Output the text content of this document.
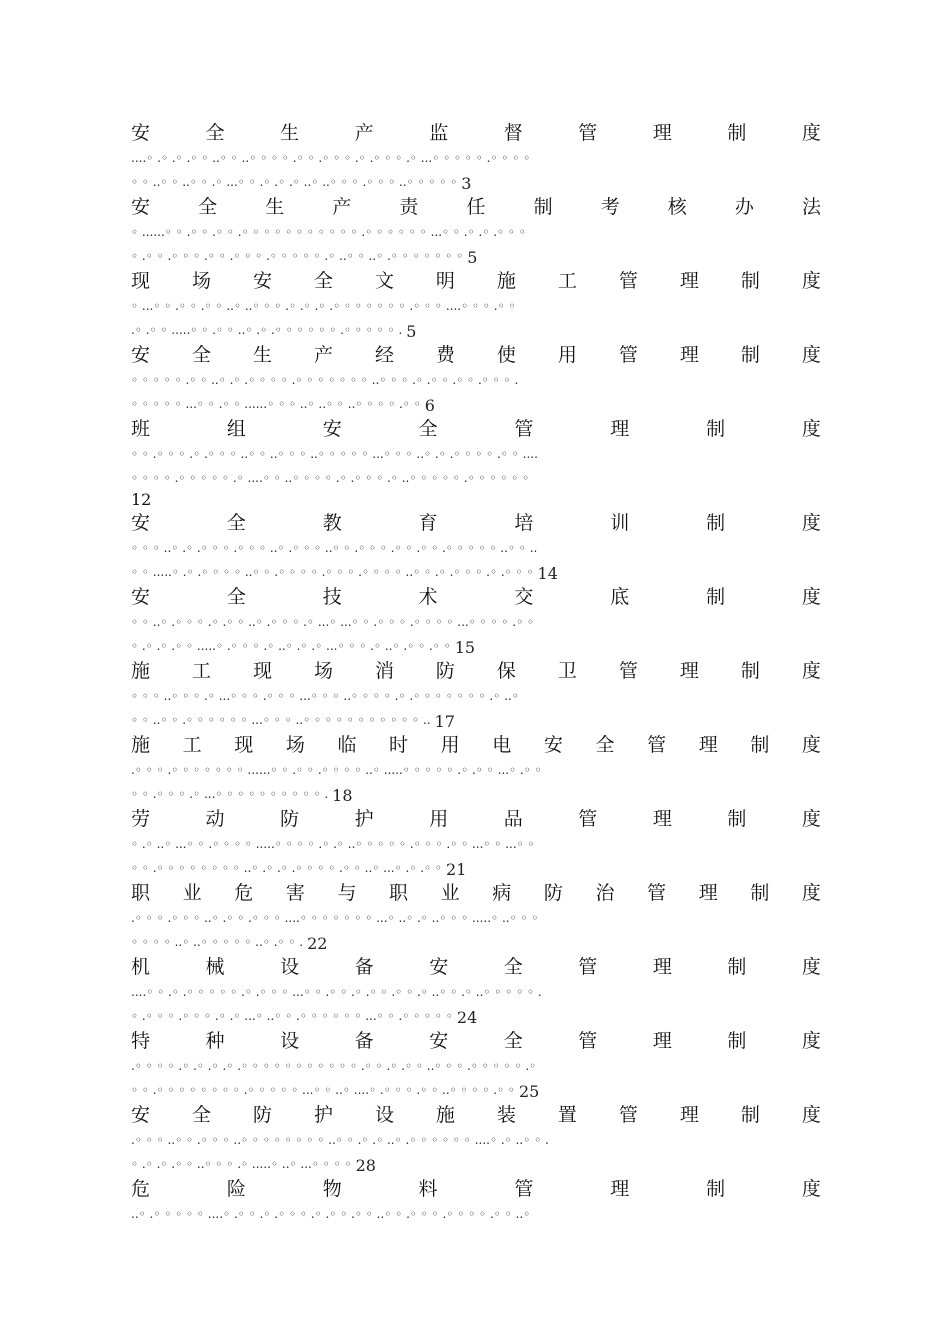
安	全	生	产	监	督	管	理	制	度
....◦ .◦ .◦ .◦ ◦ ..◦ ◦ ..◦ ◦ ◦ ◦ .◦ ◦ .◦ ◦ ◦ .◦ .◦ ◦ ◦ .◦ ...◦ ◦ ◦ ◦ ◦ .◦ ◦ ◦ ◦
◦ ◦ ..◦ ◦ ..◦ ◦ .◦ ...◦ ◦ .◦ .◦ .◦ ..◦ ..◦ ◦ ◦ .◦ ◦ ◦ ..◦ ◦ ◦ ◦ ◦ 3
安	全	生	产	责	任	制	考	核	办	法
◦ ......◦ ◦ .◦ ◦ .◦ ◦ .◦ ◦ ◦ ◦ ◦ ◦ ◦ ◦ ◦ ◦ ◦ .◦ ◦ ◦ ◦ ◦ ◦ ...◦ ◦ .◦ .◦ .◦ ◦ ◦
◦ .◦ ◦ .◦ ◦ ◦ .◦ ◦ .◦ ◦ ◦ .◦ ◦ ◦ ◦ ◦ .◦ ..◦ ◦ ..◦ .◦ ◦ ◦ ◦ ◦ ◦ ◦ 5
现 场 安 全 文 明 施 工 管 理 制 度
◦ ...◦ ◦ .◦ ◦ .◦ ◦ ..◦ ..◦ ◦ ◦ .◦ .◦ .◦ .◦ ◦ ◦ ◦ ◦ ◦ ◦ .◦ ◦ ◦ ....◦ ◦ ◦ .◦ ◦
.◦ .◦ ◦ .....◦ ◦ .◦ ◦ ..◦ .◦ .◦ ◦ ◦ ◦ ◦ ◦ .◦ ◦ ◦ ◦ ◦ . 5
安 全 生 产 经 费 使 用 管 理 制 度
◦ ◦ ◦ ◦ ◦ .◦ ◦ ..◦ .◦ .◦ ◦ ◦ ◦ .◦ ◦ ◦ ◦ ◦ ◦ ◦ ..◦ ◦ ◦ .◦ .◦ ◦ .◦ ◦ .◦ ◦ ◦ .
◦ ◦ ◦ ◦ ◦ ...◦ ◦ .◦ ◦ ......◦ ◦ ◦ ..◦ ..◦ ◦ ..◦ ◦ ◦ ◦ .◦ ◦ 6
班	组	安	全	管	理	制	度
◦ ◦ .◦ ◦ ◦ .◦ .◦ ◦ ◦ ..◦ ◦ ..◦ ◦ ◦ ..◦ ◦ ◦ ◦ ◦ ...◦ ◦ ◦ ..◦ .◦ .◦ ◦ ◦ ◦ .◦ ◦ ....
◦ ◦ ◦ ◦ .◦ ◦ ◦ ◦ ◦ .◦ ....◦ ◦ ..◦ ◦ ◦ ◦ .◦ .◦ ◦ ◦ .◦ ..◦ ◦ ◦ ◦ ◦ .◦ ◦ ◦ ◦ ◦ ◦
12
安	全	教	育	培	训	制	度
◦ ◦ ◦ ..◦ .◦ .◦ ◦ ◦ .◦ ◦ ◦ ..◦ .◦ ◦ ◦ ..◦ ◦ .◦ ◦ ◦ .◦ ◦ .◦ ◦ .◦ ◦ ◦ ◦ ◦ ..◦ ◦ ..
◦ ◦ .....◦ .◦ .◦ ◦ ◦ ◦ ..◦ ◦ .◦ ◦ ◦ ◦ .◦ ◦ ◦ .◦ ◦ ◦ ◦ ..◦ ◦ .◦ .◦ ◦ ◦ .◦ .◦ ◦ ◦ 14
安	全	技	术	交	底	制	度
◦ ◦ ..◦ .◦ ◦ ◦ .◦ .◦ ◦ ..◦ .◦ ◦ ◦ .◦ ...◦ ...◦ ◦ .◦ ◦ ◦ .◦ ◦ ◦ ◦ ...◦ ◦ ◦ ◦ .◦ ◦
◦ .◦ .◦ .◦ ◦ .....◦ .◦ ◦ ◦ .◦ ..◦ .◦ .◦ ...◦ ◦ ◦ .◦ ..◦ .◦ ◦ .◦ ◦ 15
施 工 现 场 消 防 保 卫 管 理 制 度
◦ ◦ ◦ ..◦ ◦ ◦ .◦ ...◦ ◦ ◦ .◦ ◦ ◦ ...◦ ◦ ◦ ..◦ ◦ ◦ ◦ .◦ .◦ ◦ ◦ ◦ ◦ ◦ ◦ .◦ ..◦
◦ ◦ ..◦ ◦ .◦ ◦ ◦ ◦ ◦ ◦ ...◦ ◦ ◦ ..◦ ◦ ◦ ◦ ◦ ◦ ◦ ◦ ◦ ◦ ◦ .. 17
施 工 现 场 临 时 用 电 安 全 管 理 制 度
.◦ ◦ ◦ .◦ ◦ ◦ ◦ ◦ ◦ ◦ ......◦ ◦ .◦ ◦ .◦ ◦ ◦ ◦ ..◦ .....◦ ◦ ◦ ◦ ◦ .◦ .◦ ◦ ...◦ .◦ ◦
◦ ◦ .◦ ◦ ◦ .◦ ...◦ ◦ ◦ ◦ ◦ ◦ ◦ ◦ ◦ ◦ . 18
劳	动	防	护	用	品	管	理	制	度
◦ .◦ ..◦ ...◦ ◦ .◦ ◦ ◦ ◦ .....◦ ◦ ◦ ◦ .◦ .◦ ..◦ ◦ ◦ ◦ ◦ .◦ ◦ ◦ .◦ ◦ ...◦ ◦ ...◦ ◦
◦ ◦ .◦ ◦ ◦ ◦ ◦ ◦ ◦ ◦ ..◦ .◦ .◦ .◦ ◦ ◦ ◦ .◦ ◦ ..◦ ...◦ .◦ .◦ ◦ 21
职 业 危 害 与 职 业 病 防 治 管 理 制 度
.◦ ◦ ◦ .◦ ◦ ◦ ..◦ .◦ ◦ .◦ ◦ ◦ ....◦ ◦ ◦ ◦ ◦ ◦ ◦ ...◦ ..◦ .◦ ..◦ ◦ ◦ .....◦ ..◦ ◦ ◦
◦ ◦ ◦ ◦ ..◦ ..◦ ◦ ◦ ◦ ◦ ..◦ .◦ ◦ . 22
机	械	设	备	安	全	管	理	制	度
....◦ ◦ .◦ .◦ ◦ ◦ ◦ ◦ .◦ .◦ ◦ ◦ ...◦ ◦ .◦ ◦ .◦ .◦ ◦ .◦ ◦ .◦ ..◦ ◦ .◦ ..◦ ◦ ◦ ◦ ◦ .
◦ .◦ ◦ ◦ .◦ ◦ ◦ .◦ .◦ ...◦ ..◦ ◦ .◦ ◦ ◦ ◦ ◦ ◦ ...◦ ◦ .◦ ◦ ◦ ◦ ◦ 24
特	种	设	备	安	全	管	理	制	度
.◦ ◦ ◦ ◦ .◦ .◦ .◦ .◦ .◦ ◦ ◦ ◦ ◦ ◦ ◦ ◦ ◦ ◦ ◦ .◦ ◦ .◦ .◦ ◦ ..◦ ◦ ◦ .◦ ◦ ◦ ◦ ◦ .◦
◦ ◦ .◦ ◦ ◦ ◦ ◦ ◦ ◦ ◦ .◦ ◦ ◦ ◦ ◦ ...◦ ◦ ..◦ ....◦ .◦ ◦ ◦ .◦ ◦ ..◦ ◦ ◦ ◦ .◦ ◦ 25
安 全 防 护 设 施 装 置 管 理 制 度
.◦ ◦ ◦ ..◦ ◦ .◦ ◦ ◦ ..◦ ◦ ◦ ◦ ◦ ◦ ◦ ◦ ..◦ ◦ .◦ .◦ ..◦ .◦ ◦ ◦ ◦ ◦ ◦ ....◦ .◦ ..◦ ◦ .
◦ .◦ .◦ .◦ ◦ ..◦ ◦ ◦ .◦ .....◦ ..◦ ...◦ ◦ ◦ ◦ 28
危	险	物	料	管	理	制	度
..◦ .◦ ◦ ◦ ◦ ◦ ....◦ .◦ ◦ .◦ .◦ ◦ ◦ .◦ .◦ ◦ .◦ ◦ ..◦ ◦ .◦ ◦ ◦ .◦ ◦ ◦ ◦ .◦ ◦ ..◦
